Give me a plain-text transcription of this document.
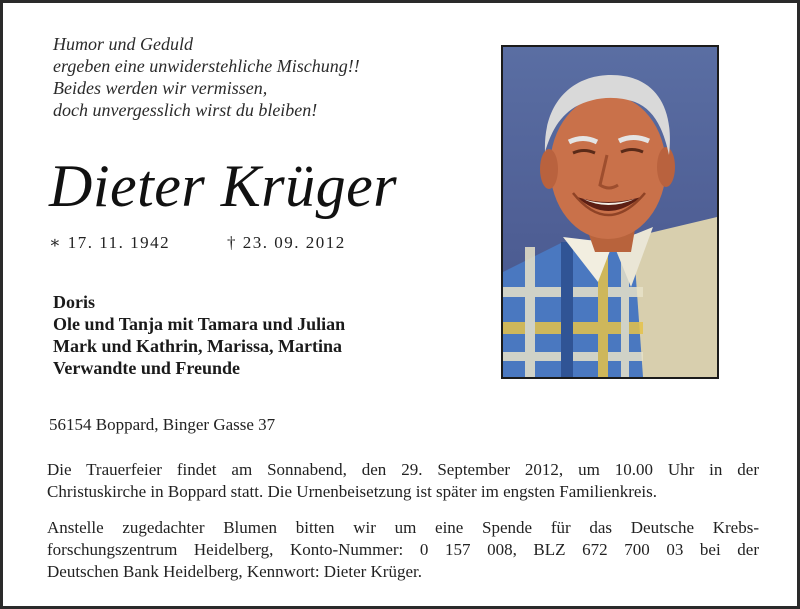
Humor und Geduld
ergeben eine unwiderstehliche Mischung!!
Beides werden wir vermissen,
doch unvergesslich wirst du bleiben!
Dieter Krüger
∗ 17. 11. 1942	† 23. 09. 2012
Doris
Ole und Tanja mit Tamara und Julian
Mark und Kathrin, Marissa, Martina
Verwandte und Freunde
56154 Boppard, Binger Gasse 37
Die Trauerfeier findet am Sonnabend, den 29. September 2012, um 10.00 Uhr in der
Christuskirche in Boppard statt. Die Urnenbeisetzung ist später im engsten Familienkreis.
Anstelle zugedachter Blumen bitten wir um eine Spende für das Deutsche Krebs-
forschungszentrum Heidelberg, Konto-Nummer: 0 157 008, BLZ 672 700 03 bei der
Deutschen Bank Heidelberg, Kennwort: Dieter Krüger.
